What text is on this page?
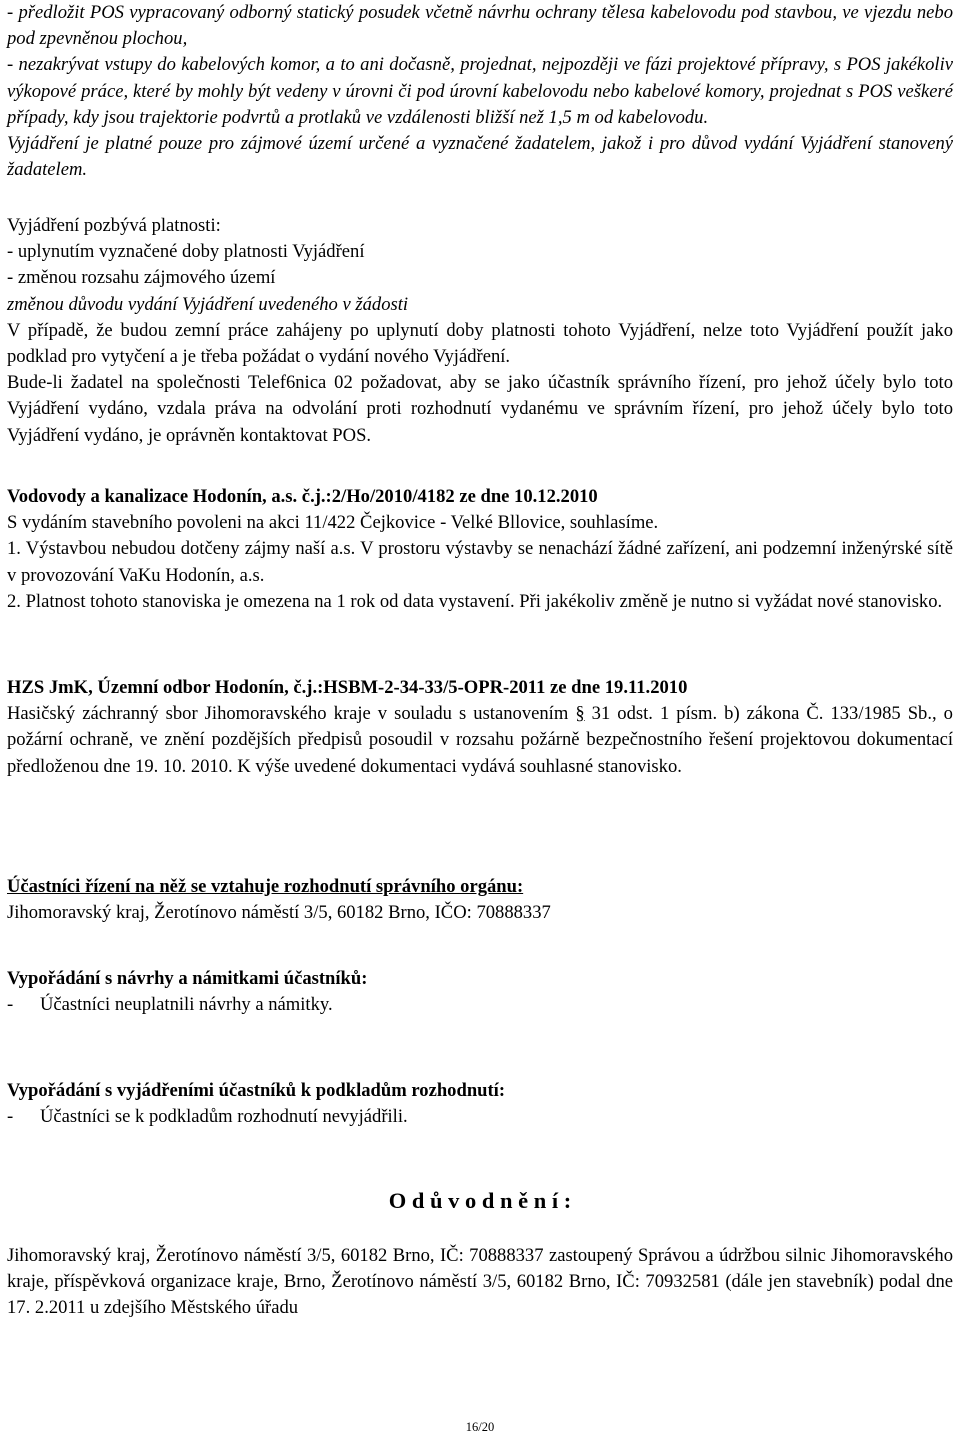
- předložit POS vypracovaný odborný statický posudek včetně návrhu ochrany tělesa kabelovodu pod stavbou, ve vjezdu nebo pod zpevněnou plochou,

- nezakrývat vstupy do kabelových komor, a to ani dočasně, projednat, nejpozději ve fázi projektové přípravy, s POS jakékoliv výkopové práce, které by mohly být vedeny v úrovni či pod úrovní kabelovodu nebo kabelové komory, projednat s POS veškeré případy, kdy jsou trajektorie podvrtů a protlaků ve vzdálenosti bližší než 1,5 m od kabelovodu.

Vyjádření je platné pouze pro zájmové území určené a vyznačené žadatelem, jakož i pro důvod vydání Vyjádření stanovený žadatelem.

Vyjádření pozbývá platnosti:

- uplynutím vyznačené doby platnosti Vyjádření

- změnou rozsahu zájmového území

změnou důvodu vydání Vyjádření uvedeného v žádosti

V případě, že budou zemní práce zahájeny po uplynutí doby platnosti tohoto Vyjádření, nelze toto Vyjádření použít jako podklad pro vytyčení a je třeba požádat o vydání nového Vyjádření.

Bude-li žadatel na společnosti Telef6nica 02 požadovat, aby se jako účastník správního řízení, pro jehož účely bylo toto Vyjádření vydáno, vzdala práva na odvolání proti rozhodnutí vydanému ve správním řízení, pro jehož účely bylo toto Vyjádření vydáno, je oprávněn kontaktovat POS.

Vodovody a kanalizace Hodonín, a.s. č.j.:2/Ho/2010/4182 ze dne 10.12.2010

S vydáním stavebního povoleni na akci 11/422 Čejkovice - Velké Bllovice, souhlasíme.

1. Výstavbou nebudou dotčeny zájmy naší a.s. V prostoru výstavby se nenachází žádné zařízení, ani podzemní inženýrské sítě v provozování VaKu Hodonín, a.s.

2. Platnost tohoto stanoviska je omezena na 1 rok od data vystavení. Při jakékoliv změně je nutno si vyžádat nové stanovisko.

HZS JmK, Územní odbor Hodonín, č.j.:HSBM-2-34-33/5-OPR-2011 ze dne 19.11.2010

Hasičský záchranný sbor Jihomoravského kraje v souladu s ustanovením § 31 odst. 1 písm. b) zákona Č. 133/1985 Sb., o požární ochraně, ve znění pozdějších předpisů posoudil v rozsahu požárně bezpečnostního řešení projektovou dokumentací předloženou dne 19. 10. 2010. K výše uvedené dokumentaci vydává souhlasné stanovisko.

Účastníci řízení na něž se vztahuje rozhodnutí správního orgánu:

Jihomoravský kraj, Žerotínovo náměstí 3/5, 60182 Brno, IČO: 70888337

Vypořádání s návrhy a námitkami účastníků:

-	Účastníci neuplatnili návrhy a námitky.

Vypořádání s vyjádřeními účastníků k podkladům rozhodnutí:

-	Účastníci se k podkladům rozhodnutí nevyjádřili.

O d ů v o d n ě n í :

Jihomoravský kraj, Žerotínovo náměstí 3/5, 60182 Brno, IČ: 70888337 zastoupený Správou a údržbou silnic Jihomoravského kraje, příspěvková organizace kraje, Brno, Žerotínovo náměstí 3/5, 60182 Brno, IČ: 70932581 (dále jen stavebník) podal dne 17. 2.2011 u zdejšího Městského úřadu

16/20
